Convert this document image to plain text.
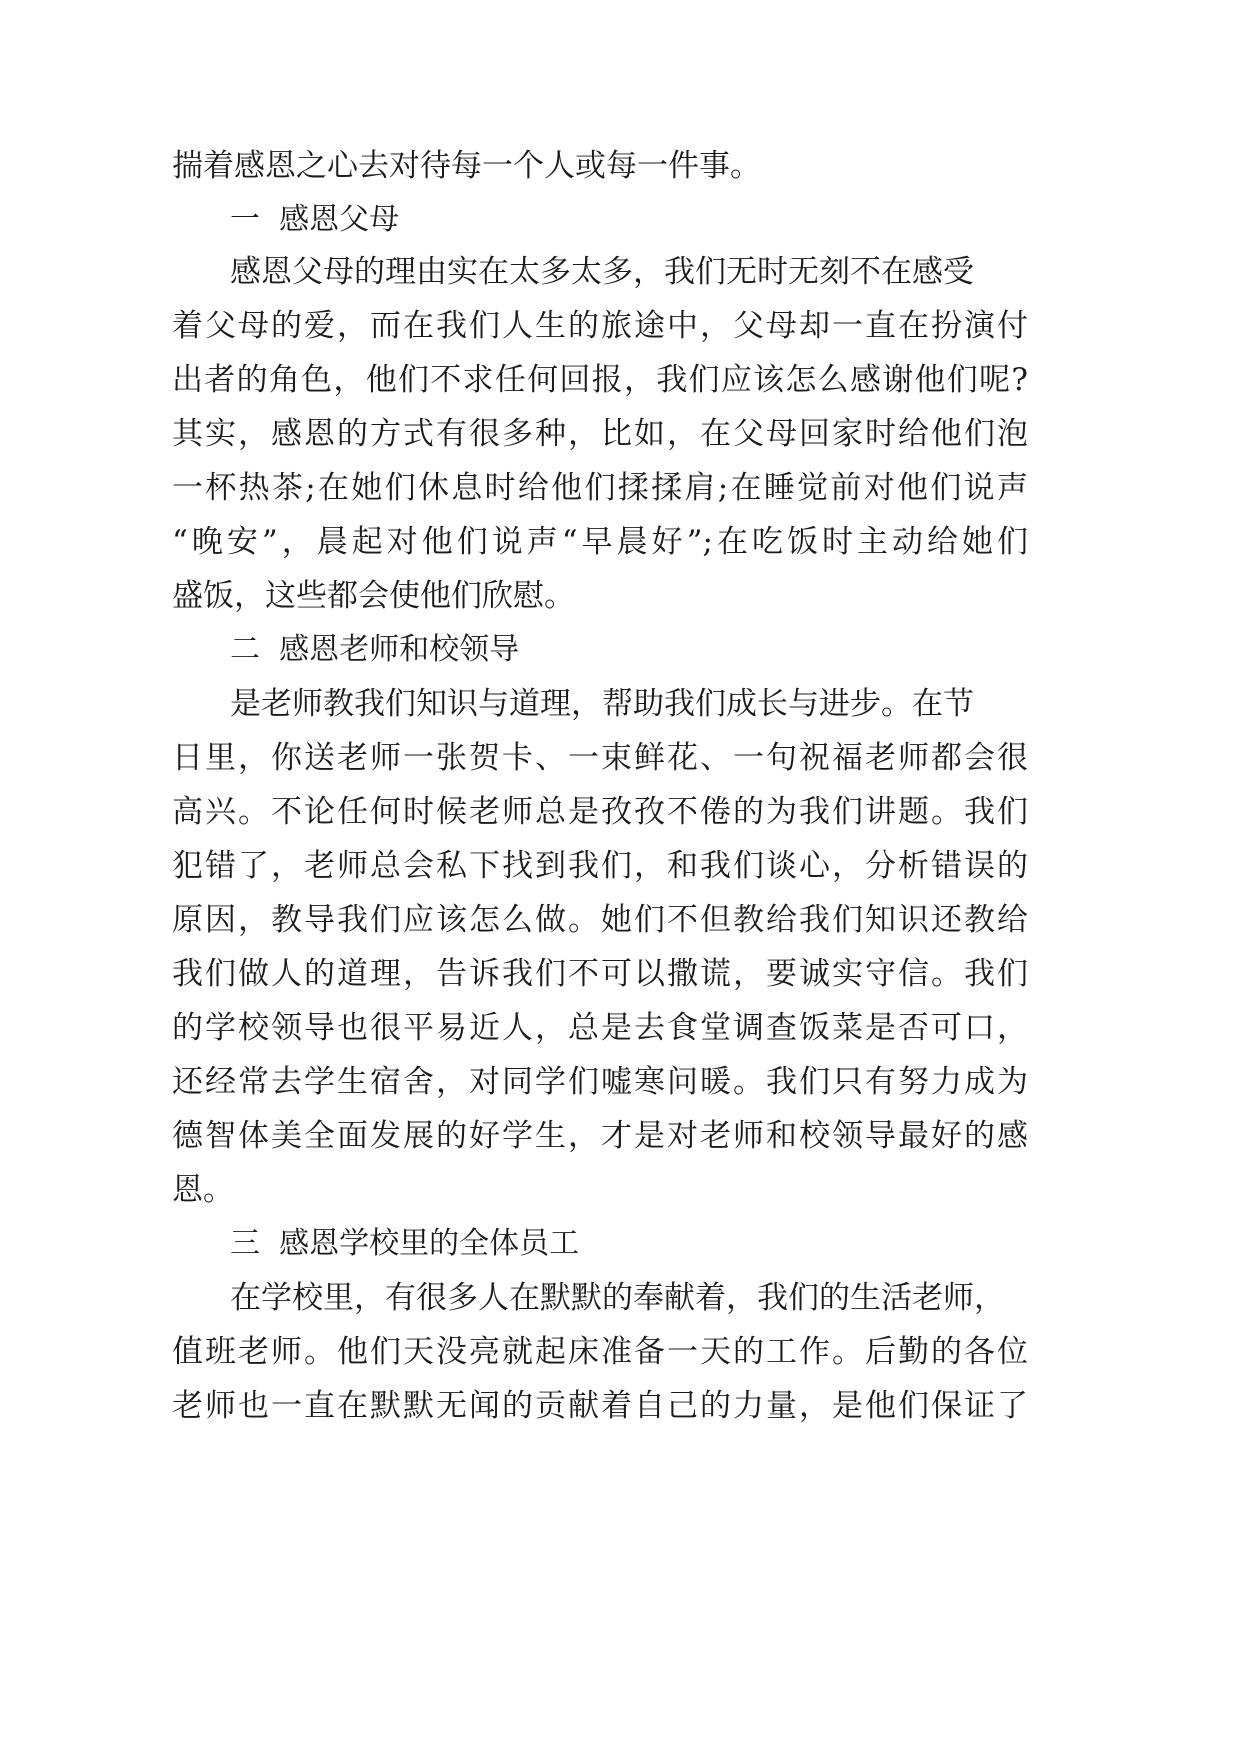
揣着感恩之心去对待每一个人或每一件事。
一  感恩父母
感恩父母的理由实在太多太多，我们无时无刻不在感受
着父母的爱，而在我们人生的旅途中，父母却一直在扮演付
出者的角色，他们不求任何回报，我们应该怎么感谢他们呢?
其实，感恩的方式有很多种，比如，在父母回家时给他们泡
一杯热茶;在她们休息时给他们揉揉肩;在睡觉前对他们说声
“晚安”，晨起对他们说声“早晨好”;在吃饭时主动给她们
盛饭，这些都会使他们欣慰。
二  感恩老师和校领导
是老师教我们知识与道理，帮助我们成长与进步。在节
日里，你送老师一张贺卡、一束鲜花、一句祝福老师都会很
高兴。不论任何时候老师总是孜孜不倦的为我们讲题。我们
犯错了，老师总会私下找到我们，和我们谈心，分析错误的
原因，教导我们应该怎么做。她们不但教给我们知识还教给
我们做人的道理，告诉我们不可以撒谎，要诚实守信。我们
的学校领导也很平易近人，总是去食堂调查饭菜是否可口，
还经常去学生宿舍，对同学们嘘寒问暖。我们只有努力成为
德智体美全面发展的好学生，才是对老师和校领导最好的感
恩。
三  感恩学校里的全体员工
在学校里，有很多人在默默的奉献着，我们的生活老师，
值班老师。他们天没亮就起床准备一天的工作。后勤的各位
老师也一直在默默无闻的贡献着自己的力量，是他们保证了
